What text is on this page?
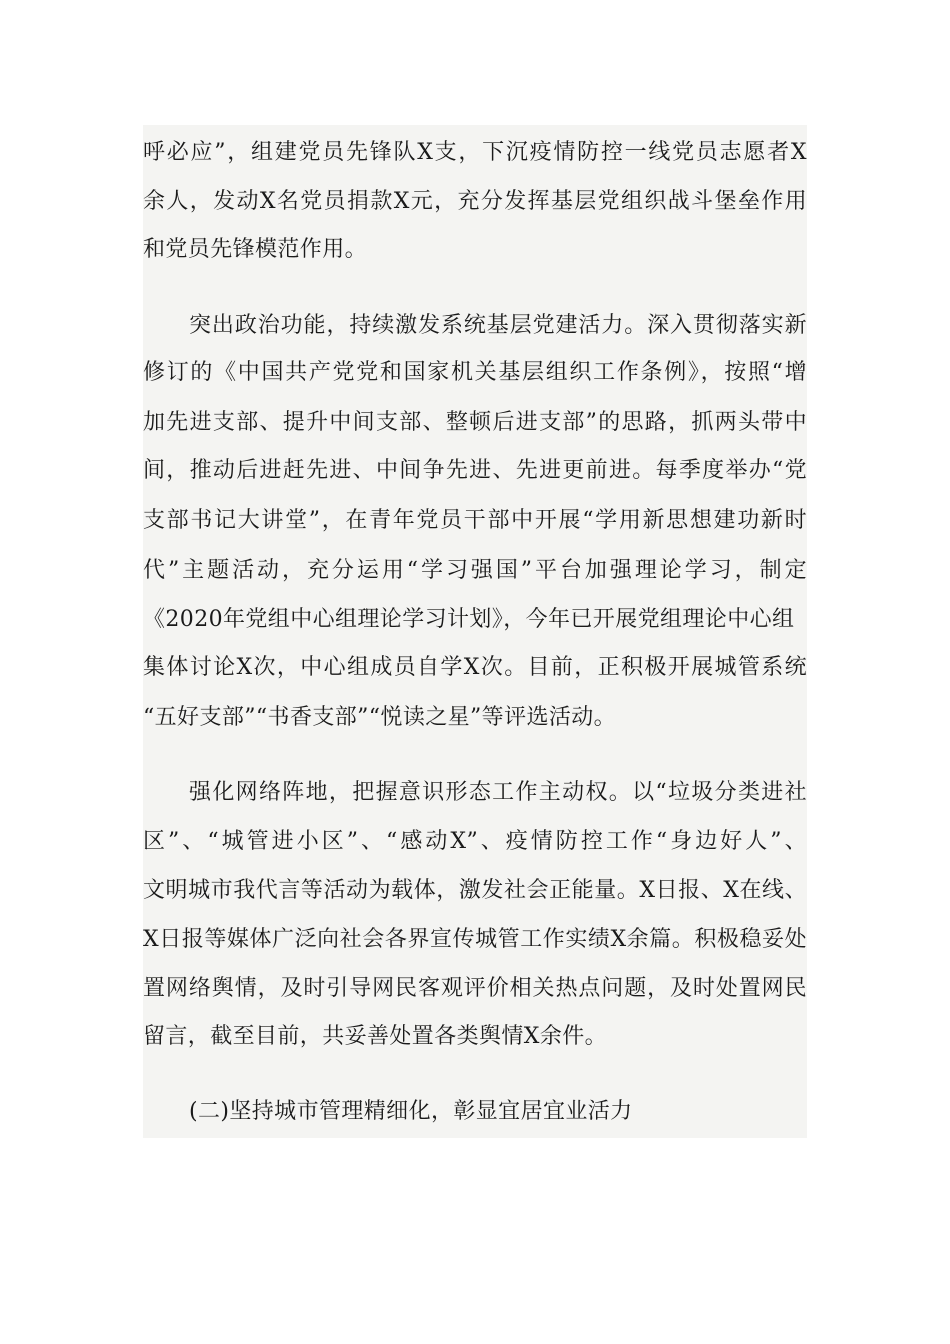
呼必应”，组建党员先锋队X支，下沉疫情防控一线党员志愿者X
余人，发动X名党员捐款X元，充分发挥基层党组织战斗堡垒作用
和党员先锋模范作用。
突出政治功能，持续激发系统基层党建活力。深入贯彻落实新
修订的《中国共产党党和国家机关基层组织工作条例》，按照“增
加先进支部、提升中间支部、整顿后进支部”的思路，抓两头带中
间，推动后进赶先进、中间争先进、先进更前进。每季度举办“党
支部书记大讲堂”，在青年党员干部中开展“学用新思想建功新时
代”主题活动，充分运用“学习强国”平台加强理论学习，制定
《2020年党组中心组理论学习计划》，今年已开展党组理论中心组
集体讨论X次，中心组成员自学X次。目前，正积极开展城管系统
“五好支部”“书香支部”“悦读之星”等评选活动。
强化网络阵地，把握意识形态工作主动权。以“垃圾分类进社
区”、“城管进小区”、“感动X”、疫情防控工作“身边好人”、
文明城市我代言等活动为载体，激发社会正能量。X日报、X在线、
X日报等媒体广泛向社会各界宣传城管工作实绩X余篇。积极稳妥处
置网络舆情，及时引导网民客观评价相关热点问题，及时处置网民
留言，截至目前，共妥善处置各类舆情X余件。
(二)坚持城市管理精细化，彰显宜居宜业活力
